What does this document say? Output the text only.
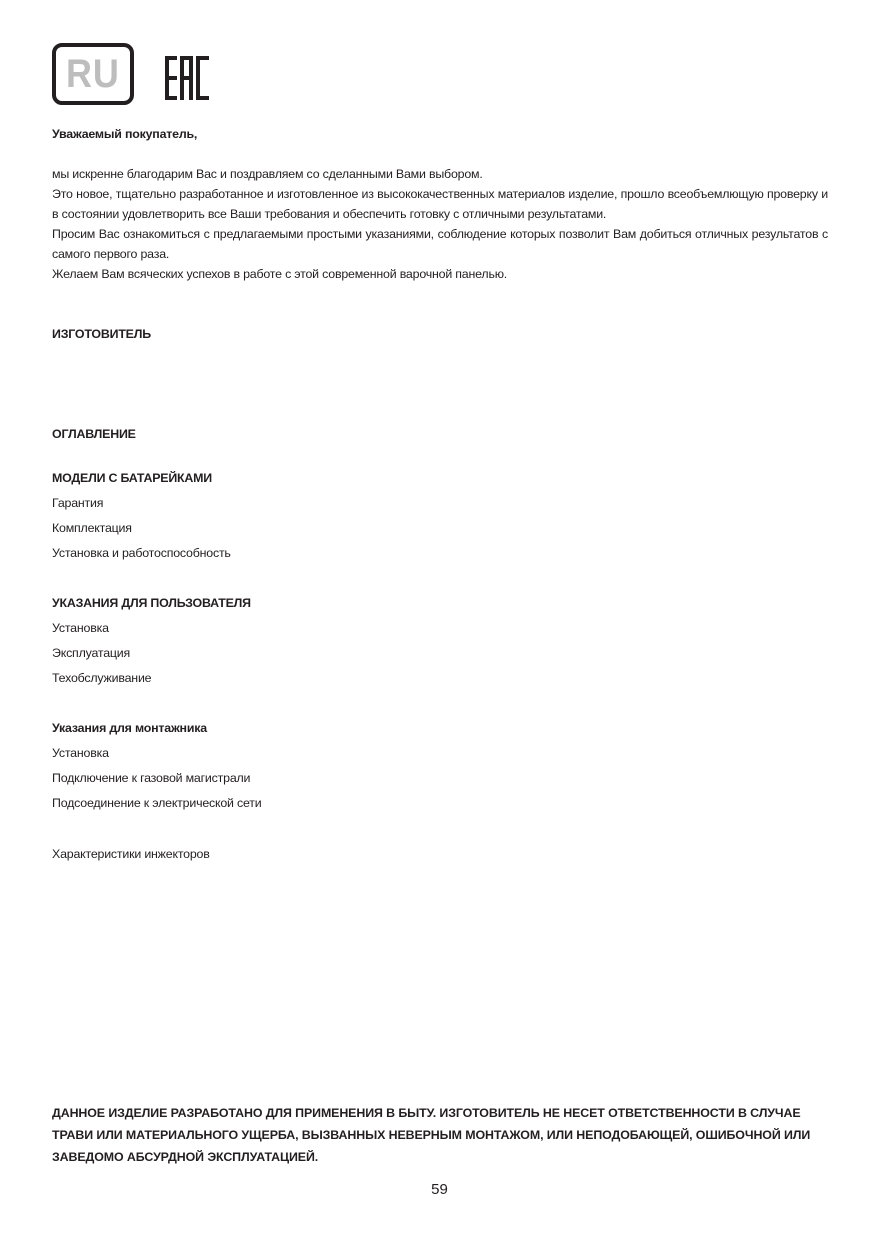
RU
Уважаемый покупатель,

мы искренне благодарим Вас и поздравляем со сделанными Вами выбором.

Это новое, тщательно разработанное и изготовленное из высококачественных материалов изделие, прошло всеобъемлющую проверку и в состоянии удовлетворить все Ваши требования и обеспечить готовку с отличными результатами.

Просим Вас ознакомиться с предлагаемыми простыми указаниями, соблюдение которых позволит Вам добиться отличных результатов с самого первого раза.

Желаем Вам всяческих успехов в работе с этой современной варочной панелью.

ИЗГОТОВИТЕЛЬ
ОГЛАВЛЕНИЕ
МОДЕЛИ С БАТАРЕЙКАМИ
Гарантия
Комплектация
Установка и работоспособность
УКАЗАНИЯ ДЛЯ ПОЛЬЗОВАТЕЛЯ
Установка
Эксплуатация
Техобслуживание
Указания для монтажника
Установка
Подключение к газовой магистрали
Подсоединение к электрической сети
Характеристики инжекторов
ДАННОЕ ИЗДЕЛИЕ РАЗРАБОТАНО ДЛЯ ПРИМЕНЕНИЯ В БЫТУ. ИЗГОТОВИТЕЛЬ НЕ НЕСЕТ ОТВЕТСТВЕННОСТИ В СЛУЧАЕ ТРАВИ ИЛИ МАТЕРИАЛЬНОГО УЩЕРБА, ВЫЗВАННЫХ НЕВЕРНЫМ МОНТАЖОМ, ИЛИ НЕПОДОБАЮЩЕЙ, ОШИБОЧНОЙ ИЛИ ЗАВЕДОМО АБСУРДНОЙ ЭКСПЛУАТАЦИЕЙ.
59
